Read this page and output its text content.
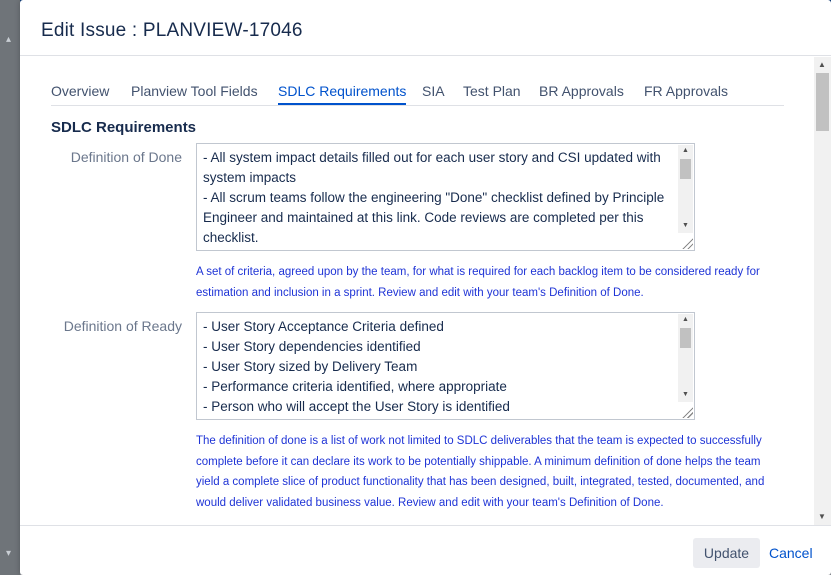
▴
▾
Edit Issue : PLANVIEW-17046
Overview Planview Tool Fields SDLC Requirements SIA Test Plan BR Approvals FR Approvals
SDLC Requirements
Definition of Done - All system impact details filled out for each user story and CSI updated with system impacts
- All scrum teams follow the engineering "Done" checklist defined by Principle Engineer and maintained at this link. Code reviews are completed per this checklist.
▲
▼
A set of criteria, agreed upon by the team, for what is required for each backlog item to be considered ready for estimation and inclusion in a sprint. Review and edit with your team's Definition of Done.
Definition of Ready - User Story Acceptance Criteria defined
- User Story dependencies identified
- User Story sized by Delivery Team
- Performance criteria identified, where appropriate
- Person who will accept the User Story is identified
▲
▼
The definition of done is a list of work not limited to SDLC deliverables that the team is expected to successfully complete before it can declare its work to be potentially shippable. A minimum definition of done helps the team yield a complete slice of product functionality that has been designed, built, integrated, tested, documented, and would deliver validated business value. Review and edit with your team's Definition of Done.
▲
▼
Update	Cancel
